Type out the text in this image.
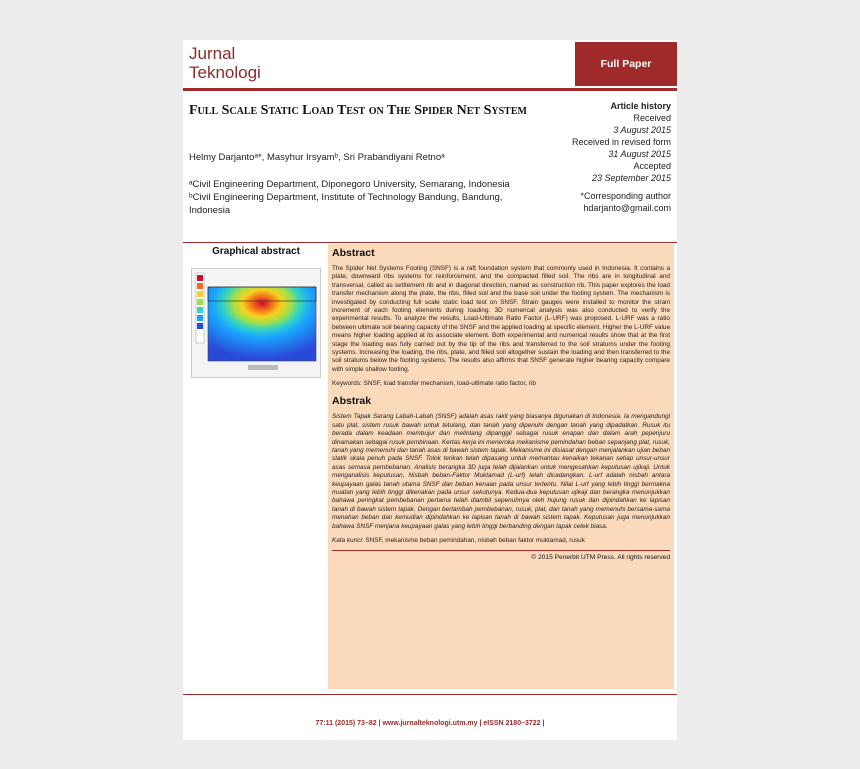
Jurnal
Teknologi	Full Paper
Full Scale Static Load Test on The Spider Net System
Helmy Darjantoᵃ*, Masyhur Irsyamᵇ, Sri Prabandiyani Retnoᵃ
ᵃCivil Engineering Department, Diponegoro University, Semarang, Indonesia
ᵇCivil Engineering Department, Institute of Technology Bandung, Bandung, Indonesia
Article history
Received
3 August 2015
Received in revised form
31 August 2015
Accepted
23 September 2015
*Corresponding author
hdarjanto@gmail.com
Graphical abstract	Abstract
The Spider Net Systems Footing (SNSF) is a raft foundation system that commonly used in Indonesia. It contains a plate, downward ribs systems for reinforcement, and the compacted filled soil. The ribs are in longitudinal and transversal, called as settlement rib and in diagonal direction, named as construction rib. This paper explores the load transfer mechanism along the plate, the ribs, filled soil and the base soil under the footing system. The mechanism is investigated by conducting full scale static load test on SNSF. Strain gauges were installed to monitor the strain increment of each footing elements during loading. 3D numerical analysis was also conducted to verify the experimental results. To analyze the results, Load-Ultimate Ratio Factor (L-URF) was proposed. L-URF was a ratio between ultimate soil bearing capacity of the SNSF and the applied loading at specific element. Higher the L-URF value means higher loading applied at its associate element. Both experimental and numerical results show that at the first stage the loading was fully carried out by the tip of the ribs and transferred to the soil stratums under the footing systems. Increasing the loading, the ribs, plate, and filled soil altogether sustain the loading and then transferred to the soil stratums below the footing systems. The results also affirms that SNSF generate higher bearing capacity compare with simple shallow footing.
Keywords: SNSF, load transfer mechanism, load-ultimate ratio factor, rib
Abstrak
Sistem Tapak Sarang Labah-Labah (SNSF) adalah asas rakit yang biasanya digunakan di Indonesia. Ia mengandungi satu plat, sistem rusuk bawah untuk tetulang, dan tanah yang dipenuhi dengan tanah yang dipadatkan. Rusuk itu berada dalam keadaan membujur dan melintang dipanggil sebagai rusuk enapan dan dalam arah pepenjuru dinamakan sebagai rusuk pembinaan. Kertas kerja ini meneroka mekanisme pemindahan beban sepanjang plat, rusuk, tanah yang memenuhi dan tanah asas di bawah sistem tapak. Mekanisme ini disiasat dengan menjalankan ujian beban statik skala penuh pada SNSF. Tolok terikan telah dipasang untuk memantau kenaikan tekanan setiap unsur-unsur asas semasa pembebanan. Analisis berangka 3D juga telah dijalankan untuk mengesahkan keputusan ujikaji. Untuk menganalisis keputusan, Nisbah beban-Faktor Muktamad (L-urf) telah dicadangkan. L-urf adalah nisbah antara keupayaan galas tanah utama SNSF dan beban kenaan pada unsur tertentu. Nilai L-urf yang lebih tinggi bermakna muatan yang lebih tinggi dikenakan pada unsur sekutunya. Kedua-dua keputusan ujikaji dan berangka menunjukkan bahawa peringkat pembebanan pertama telah diambil sepenuhnya oleh hujung rusuk dan dipindahkan ke lapisan tanah di bawah sistem tapak. Dengan bertambah pembebanan, rusuk, plat, dan tanah yang memenuhi bersama-sama menahan beban dan kemudian dipindahkan ke lapisan tanah di bawah sistem tapak. Keputusan juga menunjukkan bahawa SNSF menjana keupayaan galas yang lebih tinggi berbanding dengan tapak cetek biasa.
Kata kunci: SNSF, mekanisme beban pemindahan, nisbah beban faktor muktamad, rusuk
© 2015 Penerbit UTM Press. All rights reserved
77:11 (2015) 73–82 | www.jurnalteknologi.utm.my | eISSN 2180–3722 |
